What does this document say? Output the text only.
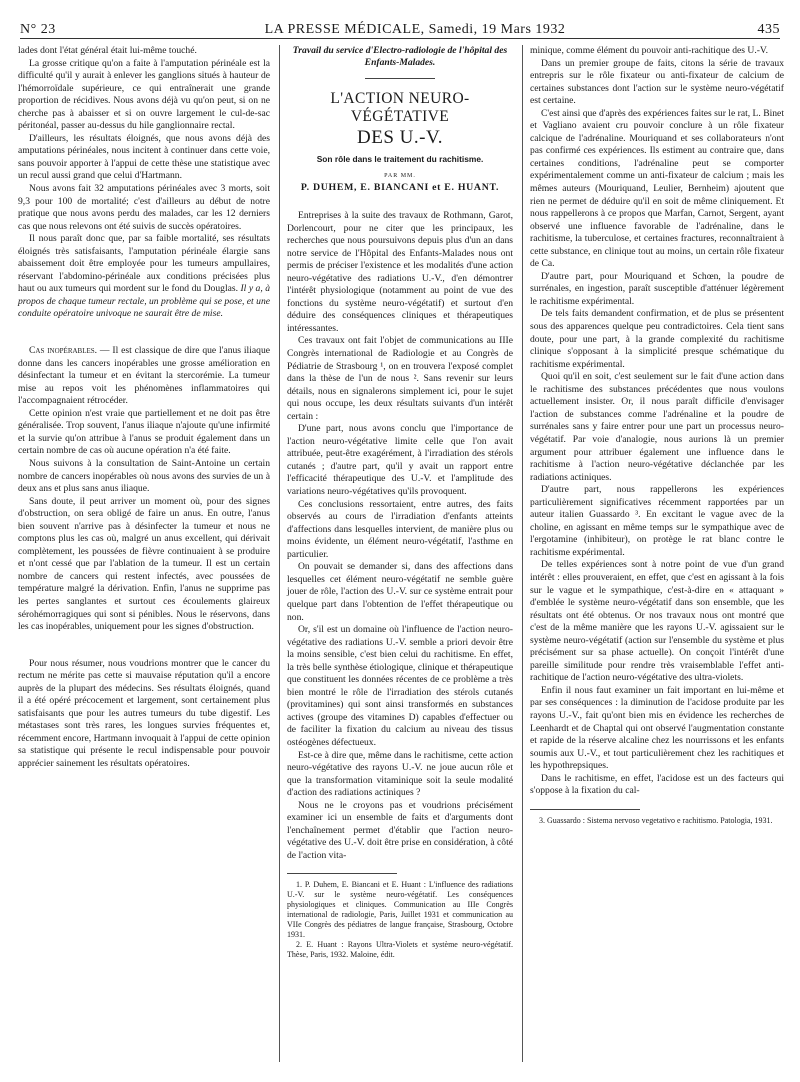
N° 23	LA PRESSE MÉDICALE, Samedi, 19 Mars 1932	435

lades dont l'état général était lui-même touché.

La grosse critique qu'on a faite à l'amputation périnéale est la difficulté qu'il y aurait à enlever les ganglions situés à hauteur de l'hémorroïdale supérieure, ce qui entraînerait une grande proportion de récidives. Nous avons déjà vu qu'on peut, si on ne cherche pas à abaisser et si on ouvre largement le cul-de-sac péritonéal, passer au-dessus du hile ganglionnaire rectal.

D'ailleurs, les résultats éloignés, que nous avons déjà des amputations périnéales, nous incitent à continuer dans cette voie, sans pouvoir apporter à l'appui de cette thèse une statistique avec un recul aussi grand que celui d'Hartmann.

Nous avons fait 32 amputations périnéales avec 3 morts, soit 9,3 pour 100 de mortalité; c'est d'ailleurs au début de notre pratique que nous avons perdu des malades, car les 12 derniers cas que nous relevons ont été suivis de succès opératoires.

Il nous paraît donc que, par sa faible mortalité, ses résultats éloignés très satisfaisants, l'amputation périnéale élargie sans abaissement doit être employée pour les tumeurs ampullaires, réservant l'abdomino-périnéale aux conditions précisées plus haut ou aux tumeurs qui mordent sur le fond du Douglas. Il y a, à propos de chaque tumeur rectale, un problème qui se pose, et une conduite opératoire univoque ne saurait être de mise.

Cas inopérables. — Il est classique de dire que l'anus iliaque donne dans les cancers inopérables une grosse amélioration en désinfectant la tumeur et en évitant la stercorémie. La tumeur mise au repos voit les phénomènes inflammatoires qui l'accompagnaient rétrocéder.

Cette opinion n'est vraie que partiellement et ne doit pas être généralisée. Trop souvent, l'anus iliaque n'ajoute qu'une infirmité et la survie qu'on attribue à l'anus se produit également dans un certain nombre de cas où aucune opération n'a été faite.

Nous suivons à la consultation de Saint-Antoine un certain nombre de cancers inopérables où nous avons des survies de un à deux ans et plus sans anus iliaque.

Sans doute, il peut arriver un moment où, pour des signes d'obstruction, on sera obligé de faire un anus. En outre, l'anus bien souvent n'arrive pas à désinfecter la tumeur et nous ne comptons plus les cas où, malgré un anus excellent, qui dérivait complètement, les poussées de fièvre continuaient à se produire et n'ont cessé que par l'ablation de la tumeur. Il est un certain nombre de cancers qui restent infectés, avec poussées de température malgré la dérivation. Enfin, l'anus ne supprime pas les pertes sanglantes et surtout ces écoulements glaireux sérohémorragiques qui sont si pénibles. Nous le réservons, dans les cas inopérables, uniquement pour les signes d'obstruction.

Pour nous résumer, nous voudrions montrer que le cancer du rectum ne mérite pas cette si mauvaise réputation qu'il a encore auprès de la plupart des médecins. Ses résultats éloignés, quand il a été opéré précocement et largement, sont certainement plus satisfaisants que pour les autres tumeurs du tube digestif. Les métastases sont très rares, les longues survies fréquentes et, récemment encore, Hartmann invoquait à l'appui de cette opinion sa statistique qui présente le recul indispensable pour pouvoir apprécier sainement les résultats opératoires.

Travail du service d'Electro-radiologie de l'hôpital des Enfants-Malades.
L'ACTION NEURO-VÉGÉTATIVE
DES U.-V.
Son rôle dans le traitement du rachitisme.
PAR MM.
P. DUHEM, E. BIANCANI et E. HUANT.

Entreprises à la suite des travaux de Rothmann, Garot, Dorlencourt, pour ne citer que les principaux, les recherches que nous poursuivons depuis plus d'un an dans notre service de l'Hôpital des Enfants-Malades nous ont permis de préciser l'existence et les modalités d'une action neuro-végétative des radiations U.-V., d'en démontrer l'intérêt physiologique (notamment au point de vue des fonctions du système neuro-végétatif) et surtout d'en déduire des conséquences cliniques et thérapeutiques intéressantes.

Ces travaux ont fait l'objet de communications au IIIe Congrès international de Radiologie et au Congrès de Pédiatrie de Strasbourg ¹, on en trouvera l'exposé complet dans la thèse de l'un de nous ². Sans revenir sur leurs détails, nous en signalerons simplement ici, pour le sujet qui nous occupe, les deux résultats suivants d'un intérêt certain :

D'une part, nous avons conclu que l'importance de l'action neuro-végétative limite celle que l'on avait attribuée, peut-être exagérément, à l'irradiation des stérols cutanés ; d'autre part, qu'il y avait un rapport entre l'efficacité thérapeutique des U.-V. et l'amplitude des variations neuro-végétatives qu'ils provoquent.

Ces conclusions ressortaient, entre autres, des faits observés au cours de l'irradiation d'enfants atteints d'affections dans lesquelles intervient, de manière plus ou moins évidente, un élément neuro-végétatif, l'asthme en particulier.

On pouvait se demander si, dans des affections dans lesquelles cet élément neuro-végétatif ne semble guère jouer de rôle, l'action des U.-V. sur ce système entrait pour quelque part dans l'obtention de l'effet thérapeutique ou non.

Or, s'il est un domaine où l'influence de l'action neuro-végétative des radiations U.-V. semble a priori devoir être la moins sensible, c'est bien celui du rachitisme. En effet, la très belle synthèse étiologique, clinique et thérapeutique que constituent les données récentes de ce problème a très bien montré le rôle de l'irradiation des stérols cutanés (provitamines) qui sont ainsi transformés en substances actives (groupe des vitamines D) capables d'effectuer ou de faciliter la fixation du calcium au niveau des tissus ostéogènes défectueux.

Est-ce à dire que, même dans le rachitisme, cette action neuro-végétative des rayons U.-V. ne joue aucun rôle et que la transformation vitaminique soit la seule modalité d'action des radiations actiniques ?

Nous ne le croyons pas et voudrions précisément examiner ici un ensemble de faits et d'arguments dont l'enchaînement permet d'établir que l'action neuro-végétative des U.-V. doit être prise en considération, à côté de l'action vita-

1. P. Duhem, E. Biancani et E. Huant : L'influence des radiations U.-V. sur le système neuro-végétatif. Les conséquences physiologiques et cliniques. Communication au IIIe Congrès international de radiologie, Paris, Juillet 1931 et communication au VIIe Congrès des pédiatres de langue française, Strasbourg, Octobre 1931.

2. E. Huant : Rayons Ultra-Violets et système neuro-végétatif. Thèse, Paris, 1932. Maloine, édit.

minique, comme élément du pouvoir anti-rachitique des U.-V.

Dans un premier groupe de faits, citons la série de travaux entrepris sur le rôle fixateur ou anti-fixateur de calcium de certaines substances dont l'action sur le système neuro-végétatif est certaine.

C'est ainsi que d'après des expériences faites sur le rat, L. Binet et Vagliano avaient cru pouvoir conclure à un rôle fixateur calcique de l'adrénaline. Mouriquand et ses collaborateurs n'ont pas confirmé ces expériences. Ils estiment au contraire que, dans certaines conditions, l'adrénaline peut se comporter expérimentalement comme un anti-fixateur de calcium ; mais les mêmes auteurs (Mouriquand, Leulier, Bernheim) ajoutent que rien ne permet de déduire qu'il en soit de même cliniquement. Et nous rappellerons à ce propos que Marfan, Carnot, Sergent, ayant observé une influence favorable de l'adrénaline, dans le rachitisme, la tuberculose, et certaines fractures, reconnaîtraient à cette substance, en clinique tout au moins, un certain rôle fixateur de Ca.

D'autre part, pour Mouriquand et Schœn, la poudre de surrénales, en ingestion, paraît susceptible d'atténuer légèrement le rachitisme expérimental.

De tels faits demandent confirmation, et de plus se présentent sous des apparences quelque peu contradictoires. Cela tient sans doute, pour une part, à la grande complexité du rachitisme clinique s'opposant à la simplicité presque schématique du rachitisme expérimental.

Quoi qu'il en soit, c'est seulement sur le fait d'une action dans le rachitisme des substances précédentes que nous voulons actuellement insister. Or, il nous paraît difficile d'envisager l'action de substances comme l'adrénaline et la poudre de surrénales sans y faire entrer pour une part un processus neuro-végétatif. Par voie d'analogie, nous aurions là un premier argument pour attribuer également une influence dans le rachitisme à l'action neuro-végétative déclanchée par les radiations actiniques.

D'autre part, nous rappellerons les expériences particulièrement significatives récemment rapportées par un auteur italien Guassardo ³. En excitant le vague avec de la choline, en agissant en même temps sur le sympathique avec de l'ergotamine (inhibiteur), on protège le rat blanc contre le rachitisme expérimental.

De telles expériences sont à notre point de vue d'un grand intérêt : elles prouveraient, en effet, que c'est en agissant à la fois sur le vague et le sympathique, c'est-à-dire en « attaquant » d'emblée le système neuro-végétatif dans son ensemble, que les résultats ont été obtenus. Or nos travaux nous ont montré que c'est de la même manière que les rayons U.-V. agissaient sur le système neuro-végétatif (action sur l'ensemble du système et plus précisément sur sa phase actuelle). On conçoit l'intérêt d'une pareille similitude pour rendre très vraisemblable l'effet anti-rachitique de l'action neuro-végétative des ultra-violets.

Enfin il nous faut examiner un fait important en lui-même et par ses conséquences : la diminution de l'acidose produite par les rayons U.-V., fait qu'ont bien mis en évidence les recherches de Leenhardt et de Chaptal qui ont observé l'augmentation constante et rapide de la réserve alcaline chez les nourrissons et les enfants soumis aux U.-V., et tout particulièrement chez les rachitiques et les hypothrepsiques.

Dans le rachitisme, en effet, l'acidose est un des facteurs qui s'oppose à la fixation du cal-

3. Guassardo : Sistema nervoso vegetativo e rachitismo. Patologia, 1931.
